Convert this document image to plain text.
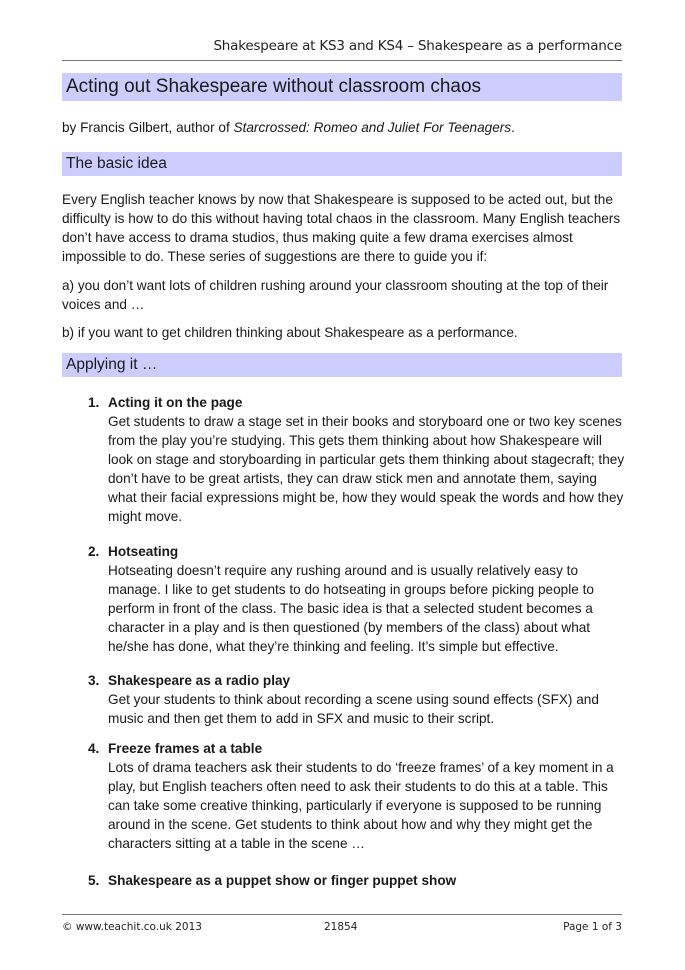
Shakespeare at KS3 and KS4 – Shakespeare as a performance
Acting out Shakespeare without classroom chaos

by Francis Gilbert, author of Starcrossed: Romeo and Juliet For Teenagers.

The basic idea

Every English teacher knows by now that Shakespeare is supposed to be acted out, but the difficulty is how to do this without having total chaos in the classroom. Many English teachers don’t have access to drama studios, thus making quite a few drama exercises almost impossible to do. These series of suggestions are there to guide you if:

a) you don’t want lots of children rushing around your classroom shouting at the top of their voices and …

b) if you want to get children thinking about Shakespeare as a performance.

Applying it …
1. Acting it on the page
Get students to draw a stage set in their books and storyboard one or two key scenes from the play you’re studying. This gets them thinking about how Shakespeare will look on stage and storyboarding in particular gets them thinking about stagecraft; they don’t have to be great artists, they can draw stick men and annotate them, saying what their facial expressions might be, how they would speak the words and how they might move.
2. Hotseating
Hotseating doesn’t require any rushing around and is usually relatively easy to manage. I like to get students to do hotseating in groups before picking people to perform in front of the class. The basic idea is that a selected student becomes a character in a play and is then questioned (by members of the class) about what he/she has done, what they’re thinking and feeling. It’s simple but effective.
3. Shakespeare as a radio play
Get your students to think about recording a scene using sound effects (SFX) and music and then get them to add in SFX and music to their script.
4. Freeze frames at a table
Lots of drama teachers ask their students to do ‘freeze frames’ of a key moment in a play, but English teachers often need to ask their students to do this at a table. This can take some creative thinking, particularly if everyone is supposed to be running around in the scene. Get students to think about how and why they might get the characters sitting at a table in the scene …
5. Shakespeare as a puppet show or finger puppet show
© www.teachit.co.uk 2013	21854	Page 1 of 3
